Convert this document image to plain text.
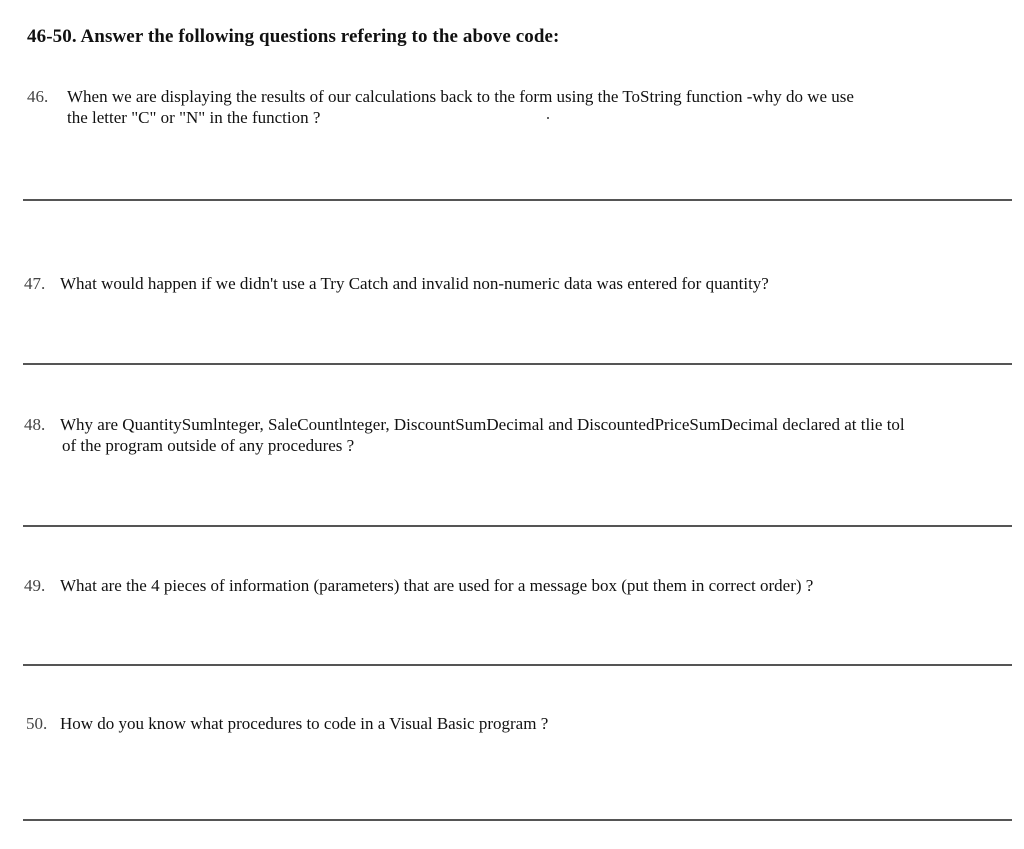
46-50. Answer the following questions refering to the above code:
46. When we are displaying the results of our calculations back to the form using the ToString function -why do we use
the letter "C" or "N" in the function ?
47. What would happen if we didn't use a Try Catch and invalid non-numeric data was entered for quantity?
48. Why are QuantitySumlnteger, SaleCountlnteger, DiscountSumDecimal and DiscountedPriceSumDecimal declared at tlie tol
of the program outside of any procedures ?
49. What are the 4 pieces of information (parameters) that are used for a message box (put them in correct order) ?
50. How do you know what procedures to code in a Visual Basic program ?
